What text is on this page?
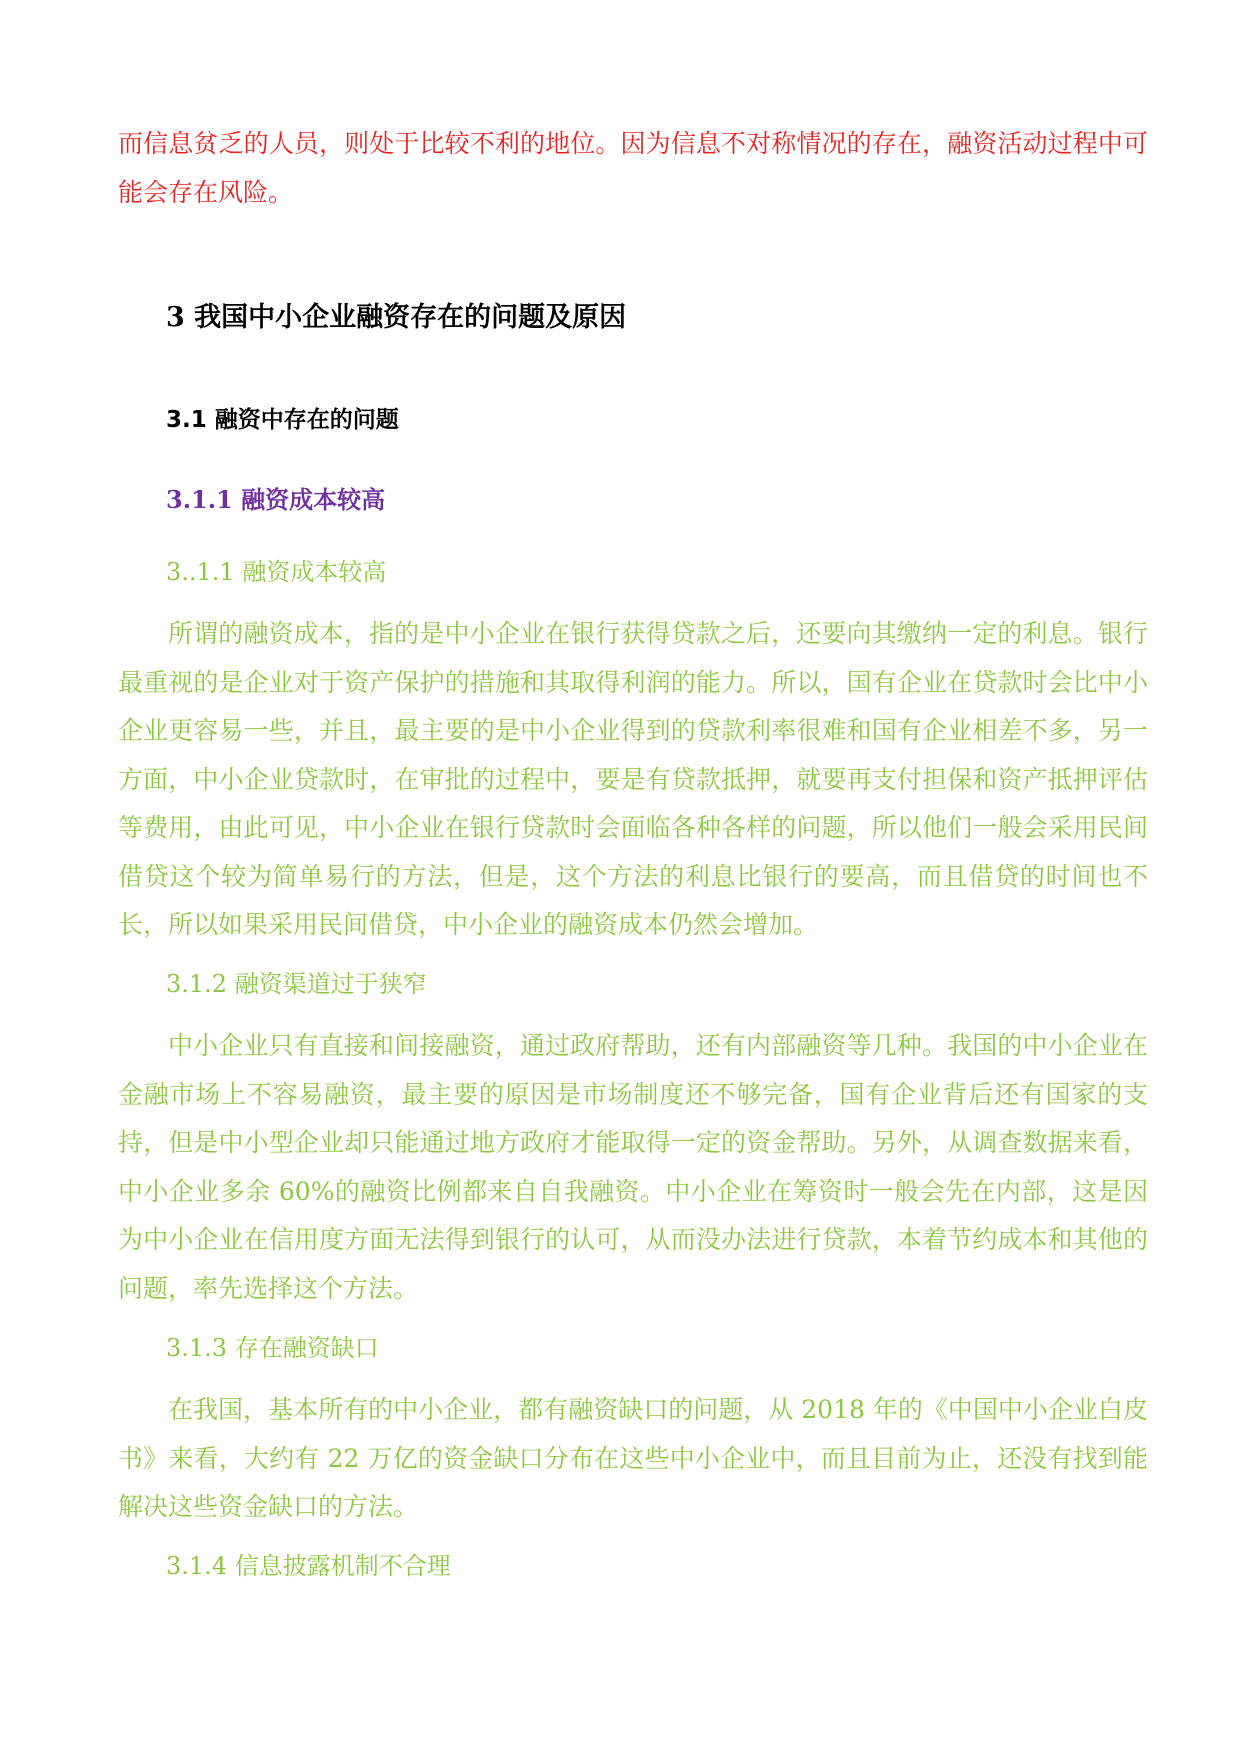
而信息贫乏的人员，则处于比较不利的地位。因为信息不对称情况的存在，融资活动过程中可能会存在风险。

3 我国中小企业融资存在的问题及原因
3.1 融资中存在的问题
3.1.1 融资成本较高

3..1.1 融资成本较高

所谓的融资成本，指的是中小企业在银行获得贷款之后，还要向其缴纳一定的利息。银行最重视的是企业对于资产保护的措施和其取得利润的能力。所以，国有企业在贷款时会比中小企业更容易一些，并且，最主要的是中小企业得到的贷款利率很难和国有企业相差不多，另一方面，中小企业贷款时，在审批的过程中，要是有贷款抵押，就要再支付担保和资产抵押评估等费用，由此可见，中小企业在银行贷款时会面临各种各样的问题，所以他们一般会采用民间借贷这个较为简单易行的方法，但是，这个方法的利息比银行的要高，而且借贷的时间也不长，所以如果采用民间借贷，中小企业的融资成本仍然会增加。

3.1.2 融资渠道过于狭窄

中小企业只有直接和间接融资，通过政府帮助，还有内部融资等几种。我国的中小企业在金融市场上不容易融资，最主要的原因是市场制度还不够完备，国有企业背后还有国家的支持，但是中小型企业却只能通过地方政府才能取得一定的资金帮助。另外，从调查数据来看，中小企业多余 60%的融资比例都来自自我融资。中小企业在筹资时一般会先在内部，这是因为中小企业在信用度方面无法得到银行的认可，从而没办法进行贷款，本着节约成本和其他的问题，率先选择这个方法。

3.1.3 存在融资缺口

在我国，基本所有的中小企业，都有融资缺口的问题，从 2018 年的《中国中小企业白皮书》来看，大约有 22 万亿的资金缺口分布在这些中小企业中，而且目前为止，还没有找到能解决这些资金缺口的方法。

3.1.4 信息披露机制不合理
